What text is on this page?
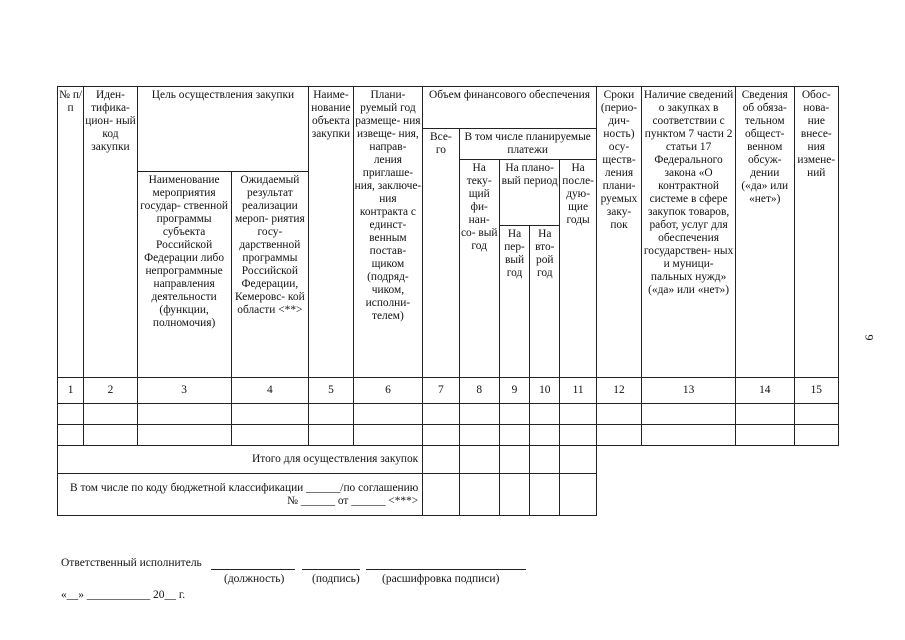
№ п/п	Иден- тифика- цион- ный код закупки	Цель осуществления закупки		Наиме- нование объекта закупки	Плани- руемый год размеще- ния извеще- ния, направ- ления приглаше- ния, заключе- ния контракта с единст- венным постав- щиком (подряд- чиком, исполни- телем)	Объем финансового обеспечения					Сроки (перио- дич- ность) осу- ществ- ления плани- руемых заку- пок	Наличие сведений о закупках в соответствии с пунктом 7 части 2 статьи 17 Федерального закона «О контрактной системе в сфере закупок товаров, работ, услуг для обеспечения государствен- ных и муници- пальных нужд» («да» или «нет»)	Сведения об обяза- тельном общест- венном обсуж- дении («да» или «нет»)	Обос- нова- ние внесе- ния измене- ний
						Все- го	В том числе планируемые платежи							
							На теку- щий фи- нан- со- вый год	На плано- вый период		На после- дую- щие годы				
		Наименование мероприятия государ- ственной программы субъекта Российской Федерации либо непрограммные направления деятельности (функции, полномочия)	Ожидаемый результат реализации мероп- риятия госу- дарственной программы Российской Федерации, Кемеровс- кой области <**>											
								На пер- вый год	На вто- рой год					
1	2	3	4	5	6	7	8	9	10	11	12	13	14	15

Итого для осуществления закупок														
В том числе по коду бюджетной классификации ______/по соглашению № ______ от ______ <***>														
Ответственный исполнитель
(должность) (подпись) (расшифровка подписи)
«__» ___________ 20__ г.
9
